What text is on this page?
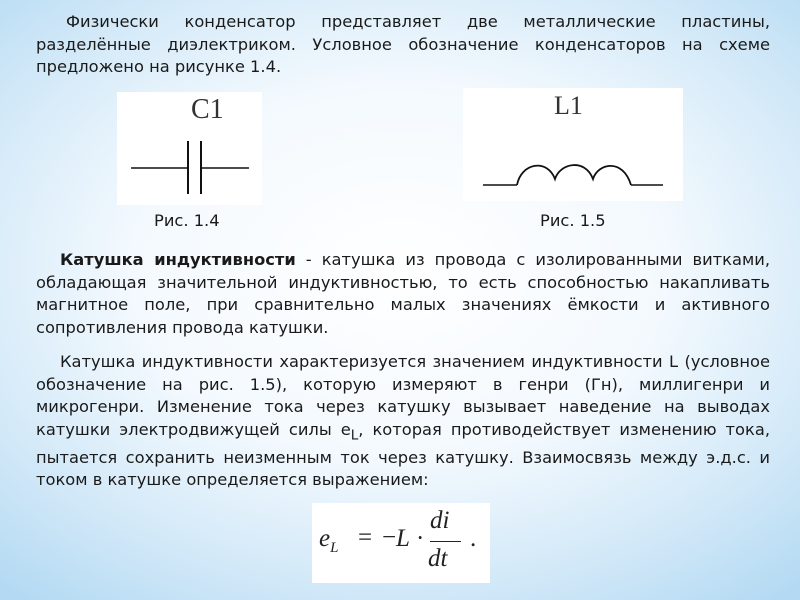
Физически конденсатор представляет две металлические пластины, разделённые диэлектриком. Условное обозначение конденсаторов на схеме предложено на рисунке 1.4.

C1	L1
Рис. 1.4	Рис. 1.5

Катушка индуктивности - катушка из провода с изолированными витками, обладающая значительной индуктивностью, то есть способностью накапливать магнитное поле, при сравнительно малых значениях ёмкости и активного сопротивления провода катушки.

Катушка индуктивности характеризуется значением индуктивности L (условное обозначение на рис. 1.5), которую измеряют в генри (Гн), миллигенри и микрогенри. Изменение тока через катушку вызывает наведение на выводах катушки электродвижущей силы $e_L$, которая противодействует изменению тока, пытается сохранить неизменным ток через катушку. Взаимосвязь между э.д.с. и током в катушке определяется выражением:

$e_L$ = − L ·
di
dt
.
